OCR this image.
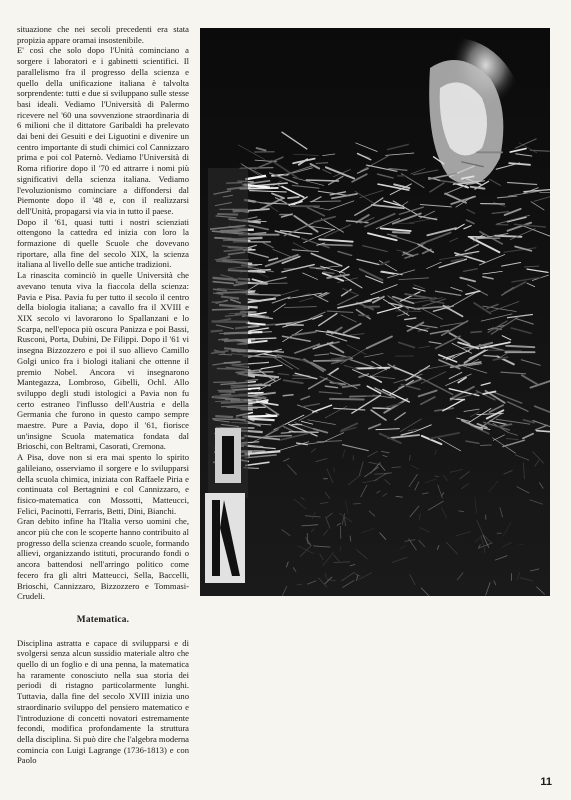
situazione che nei secoli precedenti era stata propizia appare oramai insostenibile.

E' così che solo dopo l'Unità cominciano a sorgere i laboratori e i gabinetti scientifici. Il parallelismo fra il progresso della scienza e quello della unificazione italiana è talvolta sorprendente: tutti e due si sviluppano sulle stesse basi ideali. Vediamo l'Università di Palermo ricevere nel '60 una sovvenzione straordinaria di 6 milioni che il dittatore Garibaldi ha prelevato dai beni dei Gesuiti e dei Liguotini e divenire un centro importante di studi chimici col Cannizzaro prima e poi col Paternò. Vediamo l'Università di Roma rifiorire dopo il '70 ed attrarre i nomi più significativi della scienza italiana. Vediamo l'evoluzionismo cominciare a diffondersi dal Piemonte dopo il '48 e, con il realizzarsi dell'Unità, propagarsi via via in tutto il paese.

Dopo il '61, quasi tutti i nostri scienziati ottengono la cattedra ed inizia con loro la formazione di quelle Scuole che dovevano riportare, alla fine del secolo XIX, la scienza italiana al livello delle sue antiche tradizioni.

La rinascita cominciò in quelle Università che avevano tenuta viva la fiaccola della scienza: Pavia e Pisa. Pavia fu per tutto il secolo il centro della biologia italiana; a cavallo fra il XVIII e XIX secolo vi lavorarono lo Spallanzani e lo Scarpa, nell'epoca più oscura Panizza e poi Bassi, Rusconi, Porta, Dubini, De Filippi. Dopo il '61 vi insegna Bizzozzero e poi il suo allievo Camillo Golgi unico fra i biologi italiani che ottenne il premio Nobel. Ancora vi insegnarono Mantegazza, Lombroso, Gibelli, Ochl. Allo sviluppo degli studi istologici a Pavia non fu certo estraneo l'influsso dell'Austria e della Germania che furono in questo campo sempre maestre. Pure a Pavia, dopo il '61, fiorisce un'insigne Scuola matematica fondata dal Brioschi, con Beltrami, Casorati, Cremona.

A Pisa, dove non si era mai spento lo spirito galileiano, osserviamo il sorgere e lo svilupparsi della scuola chimica, iniziata con Raffaele Piria e continuata col Bertagnini e col Cannizzaro, e fisico-matematica con Mossotti, Matteucci, Felici, Pacinotti, Ferraris, Betti, Dini, Bianchi.

Gran debito infine ha l'Italia verso uomini che, ancor più che con le scoperte hanno contribuito al progresso della scienza creando scuole, formando allievi, organizzando istituti, procurando fondi o ancora battendosi nell'arringo politico come fecero fra gli altri Matteucci, Sella, Baccelli, Brioschi, Cannizzaro, Bizzozzero e Tommasi-Crudeli.

Matematica.

Disciplina astratta e capace di svilupparsi e di svolgersi senza alcun sussidio materiale altro che quello di un foglio e di una penna, la matematica ha raramente conosciuto nella sua storia dei periodi di ristagno particolarmente lunghi. Tuttavia, dalla fine del secolo XVIII inizia uno straordinario sviluppo del pensiero matematico e l'introduzione di concetti novatori estremamente fecondi, modifica profondamente la struttura della disciplina. Si può dire che l'algebra moderna comincia con Luigi Lagrange (1736-1813) e con Paolo

11
